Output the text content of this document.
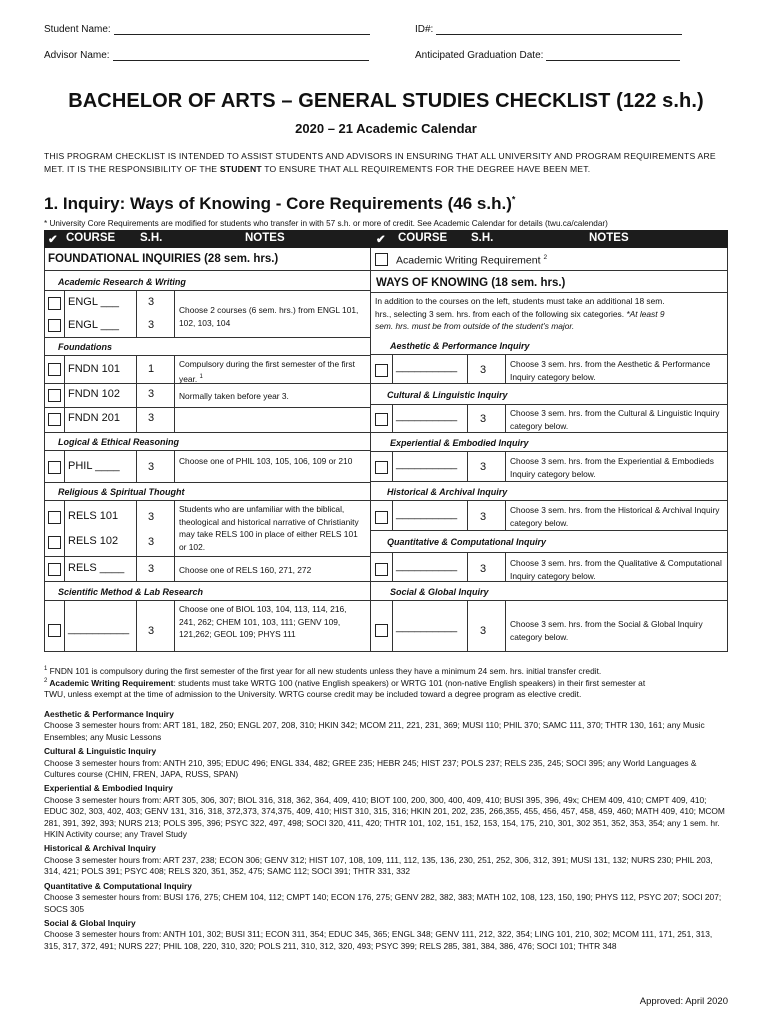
Student Name:	ID#:
Advisor Name:	Anticipated Graduation Date:
BACHELOR OF ARTS – GENERAL STUDIES CHECKLIST (122 s.h.)
2020 – 21 Academic Calendar
THIS PROGRAM CHECKLIST IS INTENDED TO ASSIST STUDENTS AND ADVISORS IN ENSURING THAT ALL UNIVERSITY AND PROGRAM REQUIREMENTS ARE
MET. IT IS THE RESPONSIBILITY OF THE STUDENT TO ENSURE THAT ALL REQUIREMENTS FOR THE DEGREE HAVE BEEN MET.
1. Inquiry: Ways of Knowing - Core Requirements (46 s.h.)*
* University Core Requirements are modified for students who transfer in with 57 s.h. or more of credit. See Academic Calendar for details (twu.ca/calendar)
✔ COURSE S.H.	NOTES	✔ COURSE S.H.	NOTES
FOUNDATIONAL INQUIRIES (28 sem. hrs.)
Academic Research & Writing
ENGL ___	3
ENGL ___	3
Choose 2 courses (6 sem. hrs.) from ENGL 101, 102, 103, 104
Foundations
FNDN 101	1	Compulsory during the first semester of the first year. $^1$
FNDN 102	3	Normally taken before year 3.
FNDN 201	3
Logical & Ethical Reasoning
PHIL ____	3	Choose one of PHIL 103, 105, 106, 109 or 210
Religious & Spiritual Thought
RELS 101	3
RELS 102	3
Students who are unfamiliar with the biblical, theological and historical narrative of Christianity may take RELS 100 in place of either RELS 101 or 102.
RELS ____ 3	Choose one of RELS 160, 271, 272
Scientific Method & Lab Research
__________ 3
Choose one of BIOL 103, 104, 113, 114, 216, 241, 262; CHEM 101, 103, 111; GENV 109, 121,262; GEOL 109; PHYS 111
Academic Writing Requirement $^2$
WAYS OF KNOWING (18 sem. hrs.)
In addition to the courses on the left, students must take an additional 18 sem.
hrs., selecting 3 sem. hrs. from each of the following six categories. *At least 9
sem. hrs. must be from outside of the student’s major.
Aesthetic & Performance Inquiry
__________ 3	Choose 3 sem. hrs. from the Aesthetic & Performance Inquiry category below.
Cultural & Linguistic Inquiry
__________ 3	Choose 3 sem. hrs. from the Cultural & Linguistic Inquiry category below.
Experiential & Embodied Inquiry
__________ 3	Choose 3 sem. hrs. from the Experiential & Embodieds Inquiry category below.
Historical & Archival Inquiry
__________ 3
Choose 3 sem. hrs. from the Historical & Archival Inquiry category below.
Quantitative & Computational Inquiry
__________ 3	Choose 3 sem. hrs. from the Qualitative & Computational Inquiry category below.
Social & Global Inquiry
__________ 3
Choose 3 sem. hrs. from the Social & Global Inquiry category below.
$^1$ FNDN 101 is compulsory during the first semester of the first year for all new students unless they have a minimum 24 sem. hrs. initial transfer credit.
$^2$ Academic Writing Requirement: students must take WRTG 100 (native English speakers) or WRTG 101 (non-native English speakers) in their first semester at
TWU, unless exempt at the time of admission to the University. WRTG course credit may be included toward a degree program as elective credit.
Aesthetic & Performance Inquiry
Choose 3 semester hours from: ART 181, 182, 250; ENGL 207, 208, 310; HKIN 342; MCOM 211, 221, 231, 369; MUSI 110; PHIL 370; SAMC 111, 370; THTR 130, 161; any Music Ensembles; any Music Lessons
Cultural & Linguistic Inquiry
Choose 3 semester hours from: ANTH 210, 395; EDUC 496; ENGL 334, 482; GREE 235; HEBR 245; HIST 237; POLS 237; RELS 235, 245; SOCI 395; any World Languages & Cultures course (CHIN, FREN, JAPA, RUSS, SPAN)
Experiential & Embodied Inquiry
Choose 3 semester hours from: ART 305, 306, 307; BIOL 316, 318, 362, 364, 409, 410; BIOT 100, 200, 300, 400, 409, 410; BUSI 395, 396, 49x; CHEM 409, 410; CMPT 409, 410; EDUC 302, 303, 402, 403; GENV 131, 316, 318, 372,373, 374,375, 409, 410; HIST 310, 315, 316; HKIN 201, 202, 235, 266,355, 455, 456, 457, 458, 459, 460; MATH 409, 410; MCOM 281, 391, 392, 393; NURS 213; POLS 395, 396; PSYC 322, 497, 498; SOCI 320, 411, 420; THTR 101, 102, 151, 152, 153, 154, 175, 210, 301, 302 351, 352, 353, 354; any 1 sem. hr. HKIN Activity course; any Travel Study
Historical & Archival Inquiry
Choose 3 semester hours from: ART 237, 238; ECON 306; GENV 312; HIST 107, 108, 109, 111, 112, 135, 136, 230, 251, 252, 306, 312, 391; MUSI 131, 132; NURS 230; PHIL 203, 314, 421; POLS 391; PSYC 408; RELS 320, 351, 352, 475; SAMC 112; SOCI 391; THTR 331, 332
Quantitative & Computational Inquiry
Choose 3 semester hours from: BUSI 176, 275; CHEM 104, 112; CMPT 140; ECON 176, 275; GENV 282, 382, 383; MATH 102, 108, 123, 150, 190; PHYS 112, PSYC 207; SOCI 207; SOCS 305
Social & Global Inquiry
Choose 3 semester hours from: ANTH 101, 302; BUSI 311; ECON 311, 354; EDUC 345, 365; ENGL 348; GENV 111, 212, 322, 354; LING 101, 210, 302; MCOM 111, 171, 251, 313, 315, 317, 372, 491; NURS 227; PHIL 108, 220, 310, 320; POLS 211, 310, 312, 320, 493; PSYC 399; RELS 285, 381, 384, 386, 476; SOCI 101; THTR 348
Approved: April 2020
